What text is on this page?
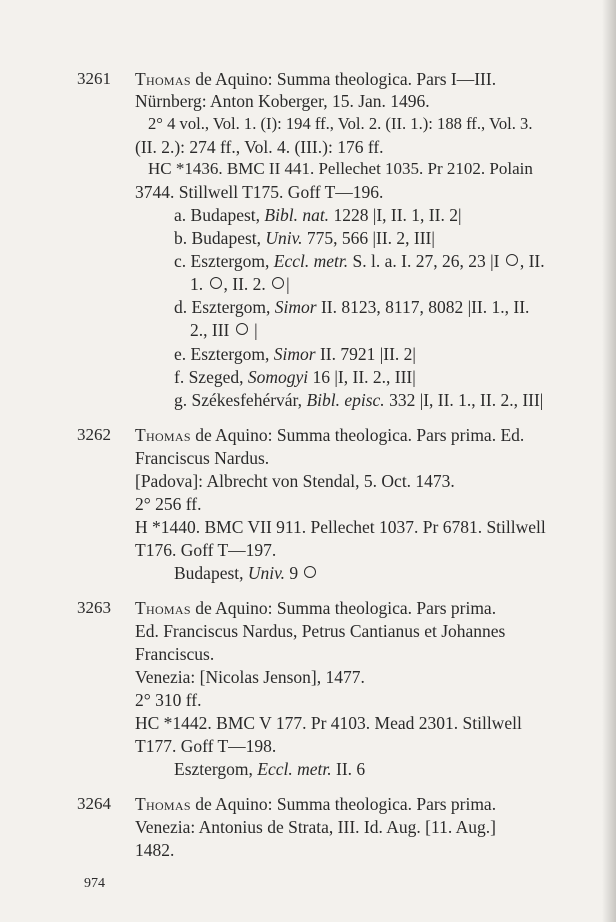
3261 Thomas de Aquino: Summa theologica. Pars I—III.
Nürnberg: Anton Koberger, 15. Jan. 1496.
2° 4 vol., Vol. 1. (I): 194 ff., Vol. 2. (II. 1.): 188 ff., Vol. 3.
(II. 2.): 274 ff., Vol. 4. (III.): 176 ff.
HC *1436. BMC II 441. Pellechet 1035. Pr 2102. Polain
3744. Stillwell T175. Goff T—196.
a. Budapest, Bibl. nat. 1228 |I, II. 1, II. 2|
b. Budapest, Univ. 775, 566 |II. 2, III|
c. Esztergom, Eccl. metr. S. l. a. I. 27, 26, 23 |I ○ , II.
1. ○ , II. 2. ○ |
d. Esztergom, Simor II. 8123, 8117, 8082 |II. 1., II.
2., III ○ |
e. Esztergom, Simor II. 7921 |II. 2|
f. Szeged, Somogyi 16 |I, II. 2., III|
g. Székesfehérvár, Bibl. episc. 332 |I, II. 1., II. 2., III|
3262 Thomas de Aquino: Summa theologica. Pars prima. Ed.
Franciscus Nardus.
[Padova]: Albrecht von Stendal, 5. Oct. 1473.
2° 256 ff.
H *1440. BMC VII 911. Pellechet 1037. Pr 6781. Stillwell
T176. Goff T—197.
Budapest, Univ. 9
3263 Thomas de Aquino: Summa theologica. Pars prima.
Ed. Franciscus Nardus, Petrus Cantianus et Johannes
Franciscus.
Venezia: [Nicolas Jenson], 1477.
2° 310 ff.
HC *1442. BMC V 177. Pr 4103. Mead 2301. Stillwell
T177. Goff T—198.
Esztergom, Eccl. metr. II. 6
3264 Thomas de Aquino: Summa theologica. Pars prima.
Venezia: Antonius de Strata, III. Id. Aug. [11. Aug.]
1482.
974
